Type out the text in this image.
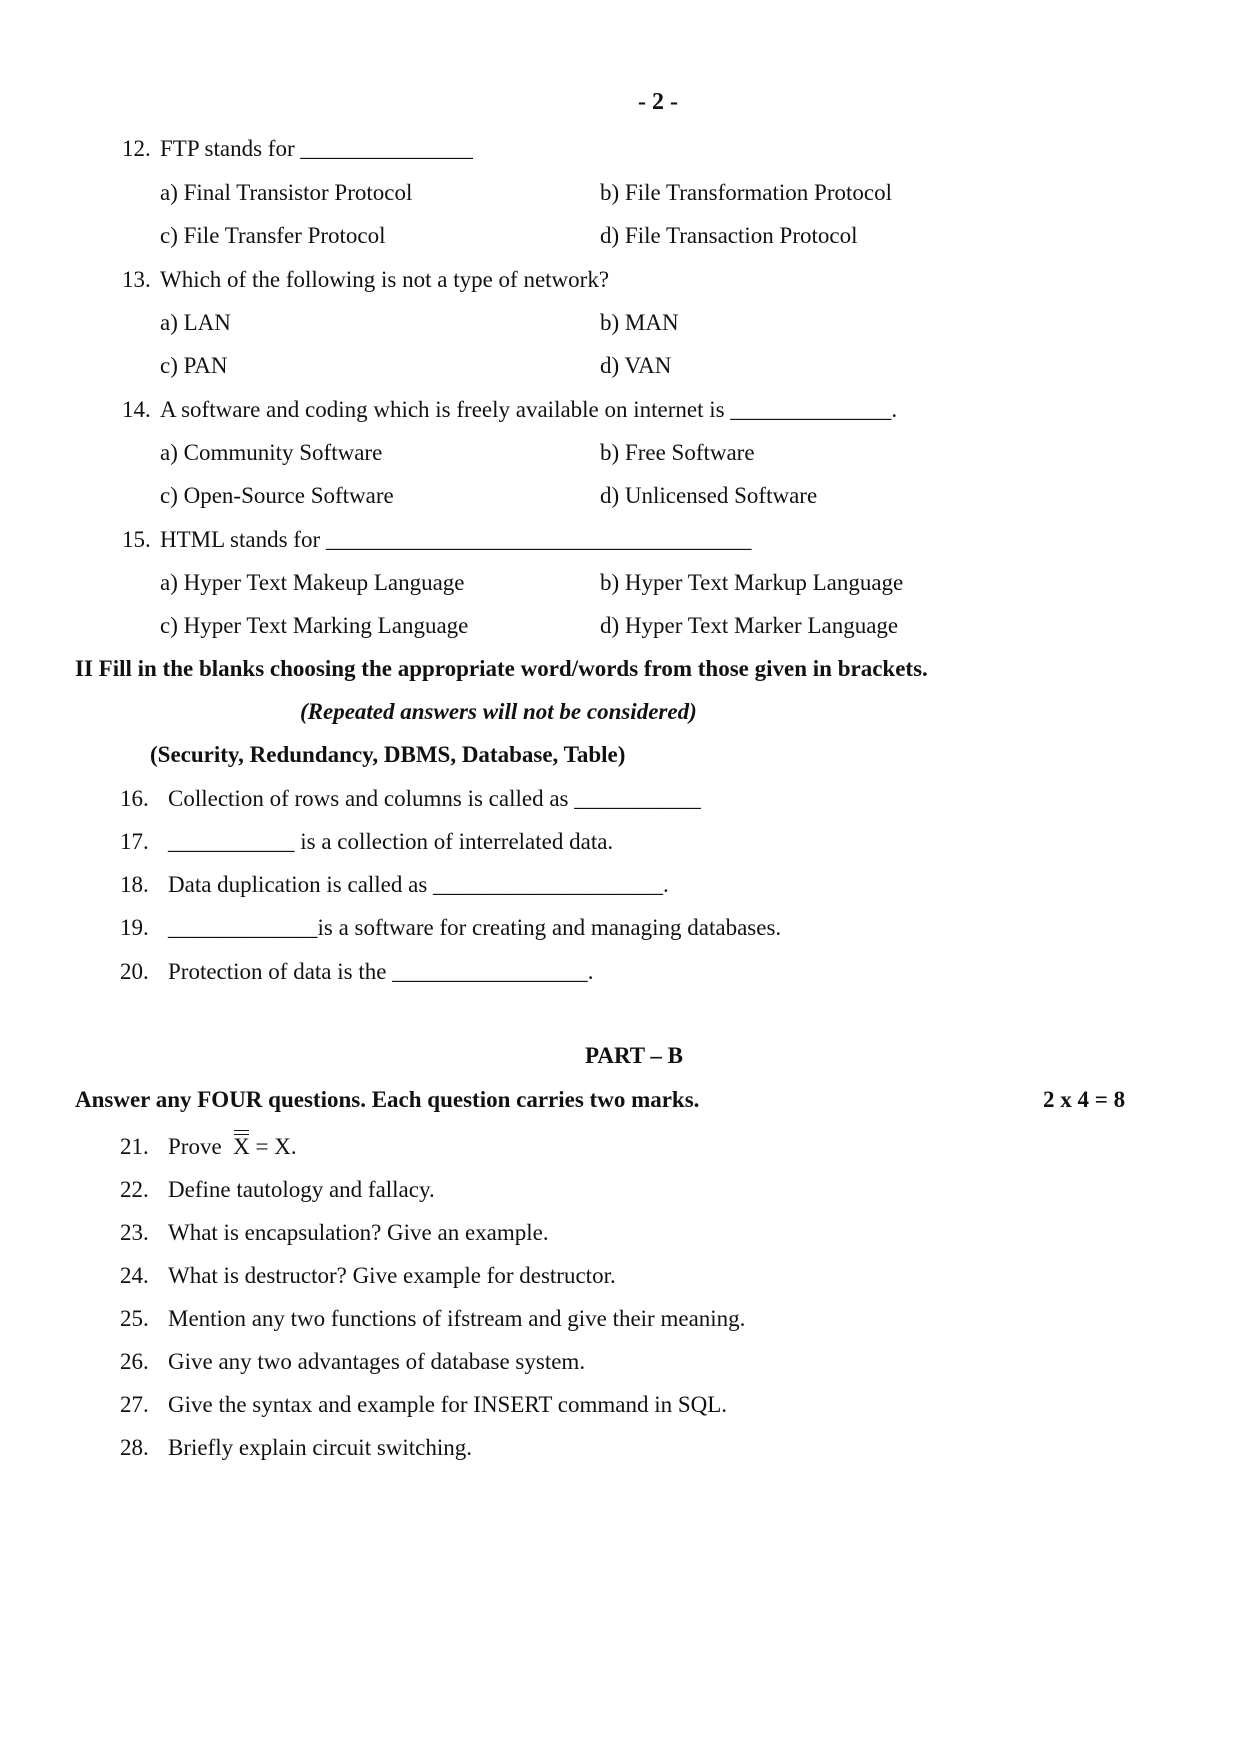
- 2 -
12. FTP stands for _______________
a) Final Transistor Protocol	b) File Transformation Protocol
c) File Transfer Protocol	d) File Transaction Protocol
13. Which of the following is not a type of network?
a) LAN	b) MAN
c) PAN	d) VAN
14. A software and coding which is freely available on internet is ______________.
a) Community Software	b) Free Software
c) Open-Source Software	d) Unlicensed Software
15. HTML stands for _____________________________________
a) Hyper Text Makeup Language	b) Hyper Text Markup Language
c) Hyper Text Marking Language	d) Hyper Text Marker Language
II Fill in the blanks choosing the appropriate word/words from those given in brackets.
(Repeated answers will not be considered)
(Security, Redundancy, DBMS, Database, Table)
16. Collection of rows and columns is called as ___________
17. ___________ is a collection of interrelated data.
18. Data duplication is called as ____________________.
19. _____________is a software for creating and managing databases.
20. Protection of data is the _________________.
PART – B
Answer any FOUR questions. Each question carries two marks.	2 x 4 = 8
21. Prove X = X.
22. Define tautology and fallacy.
23. What is encapsulation? Give an example.
24. What is destructor? Give example for destructor.
25. Mention any two functions of ifstream and give their meaning.
26. Give any two advantages of database system.
27. Give the syntax and example for INSERT command in SQL.
28. Briefly explain circuit switching.
